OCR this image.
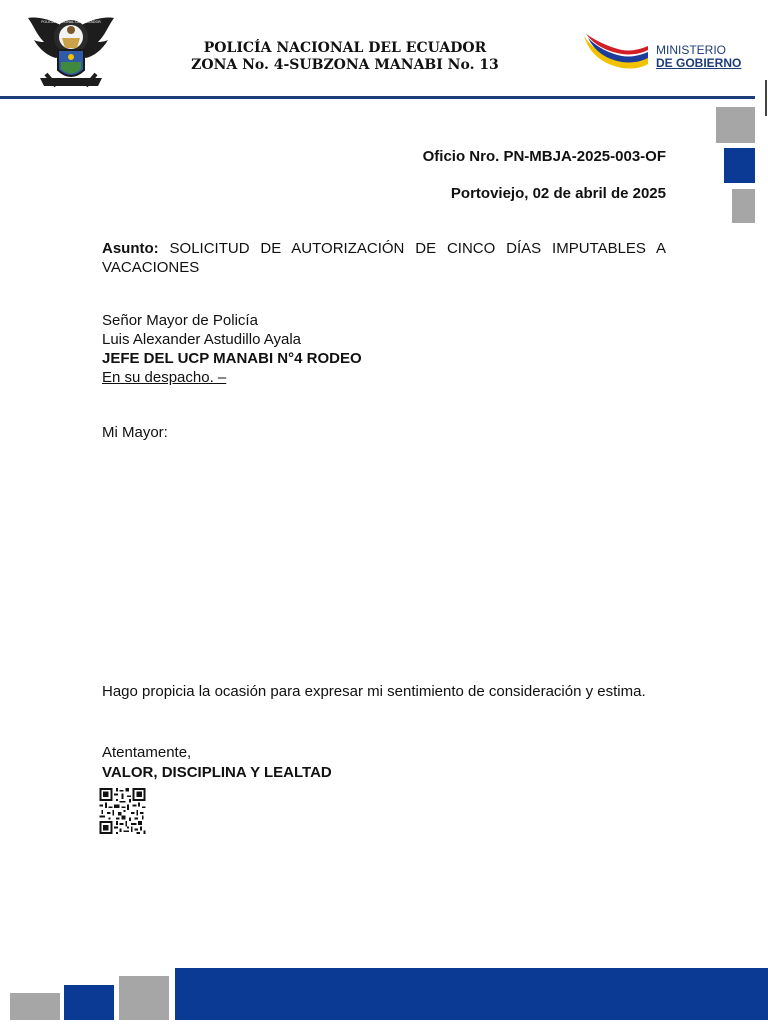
POLICÍA NACIONAL DEL ECUADOR
POLICÍA NACIONAL DEL ECUADOR
ZONA No. 4-SUBZONA MANABI No. 13
MINISTERIO
DE GOBIERNO
Oficio Nro. PN-MBJA-2025-003-OF
Portoviejo, 02 de abril de 2025
Asunto: SOLICITUD DE AUTORIZACIÓN DE CINCO DÍAS IMPUTABLES A VACACIONES
Señor Mayor de Policía
Luis Alexander Astudillo Ayala
JEFE DEL UCP MANABI N°4 RODEO
En su despacho. –
Mi Mayor:
Hago propicia la ocasión para expresar mi sentimiento de consideración y estima.
Atentamente,
VALOR, DISCIPLINA Y LEALTAD
